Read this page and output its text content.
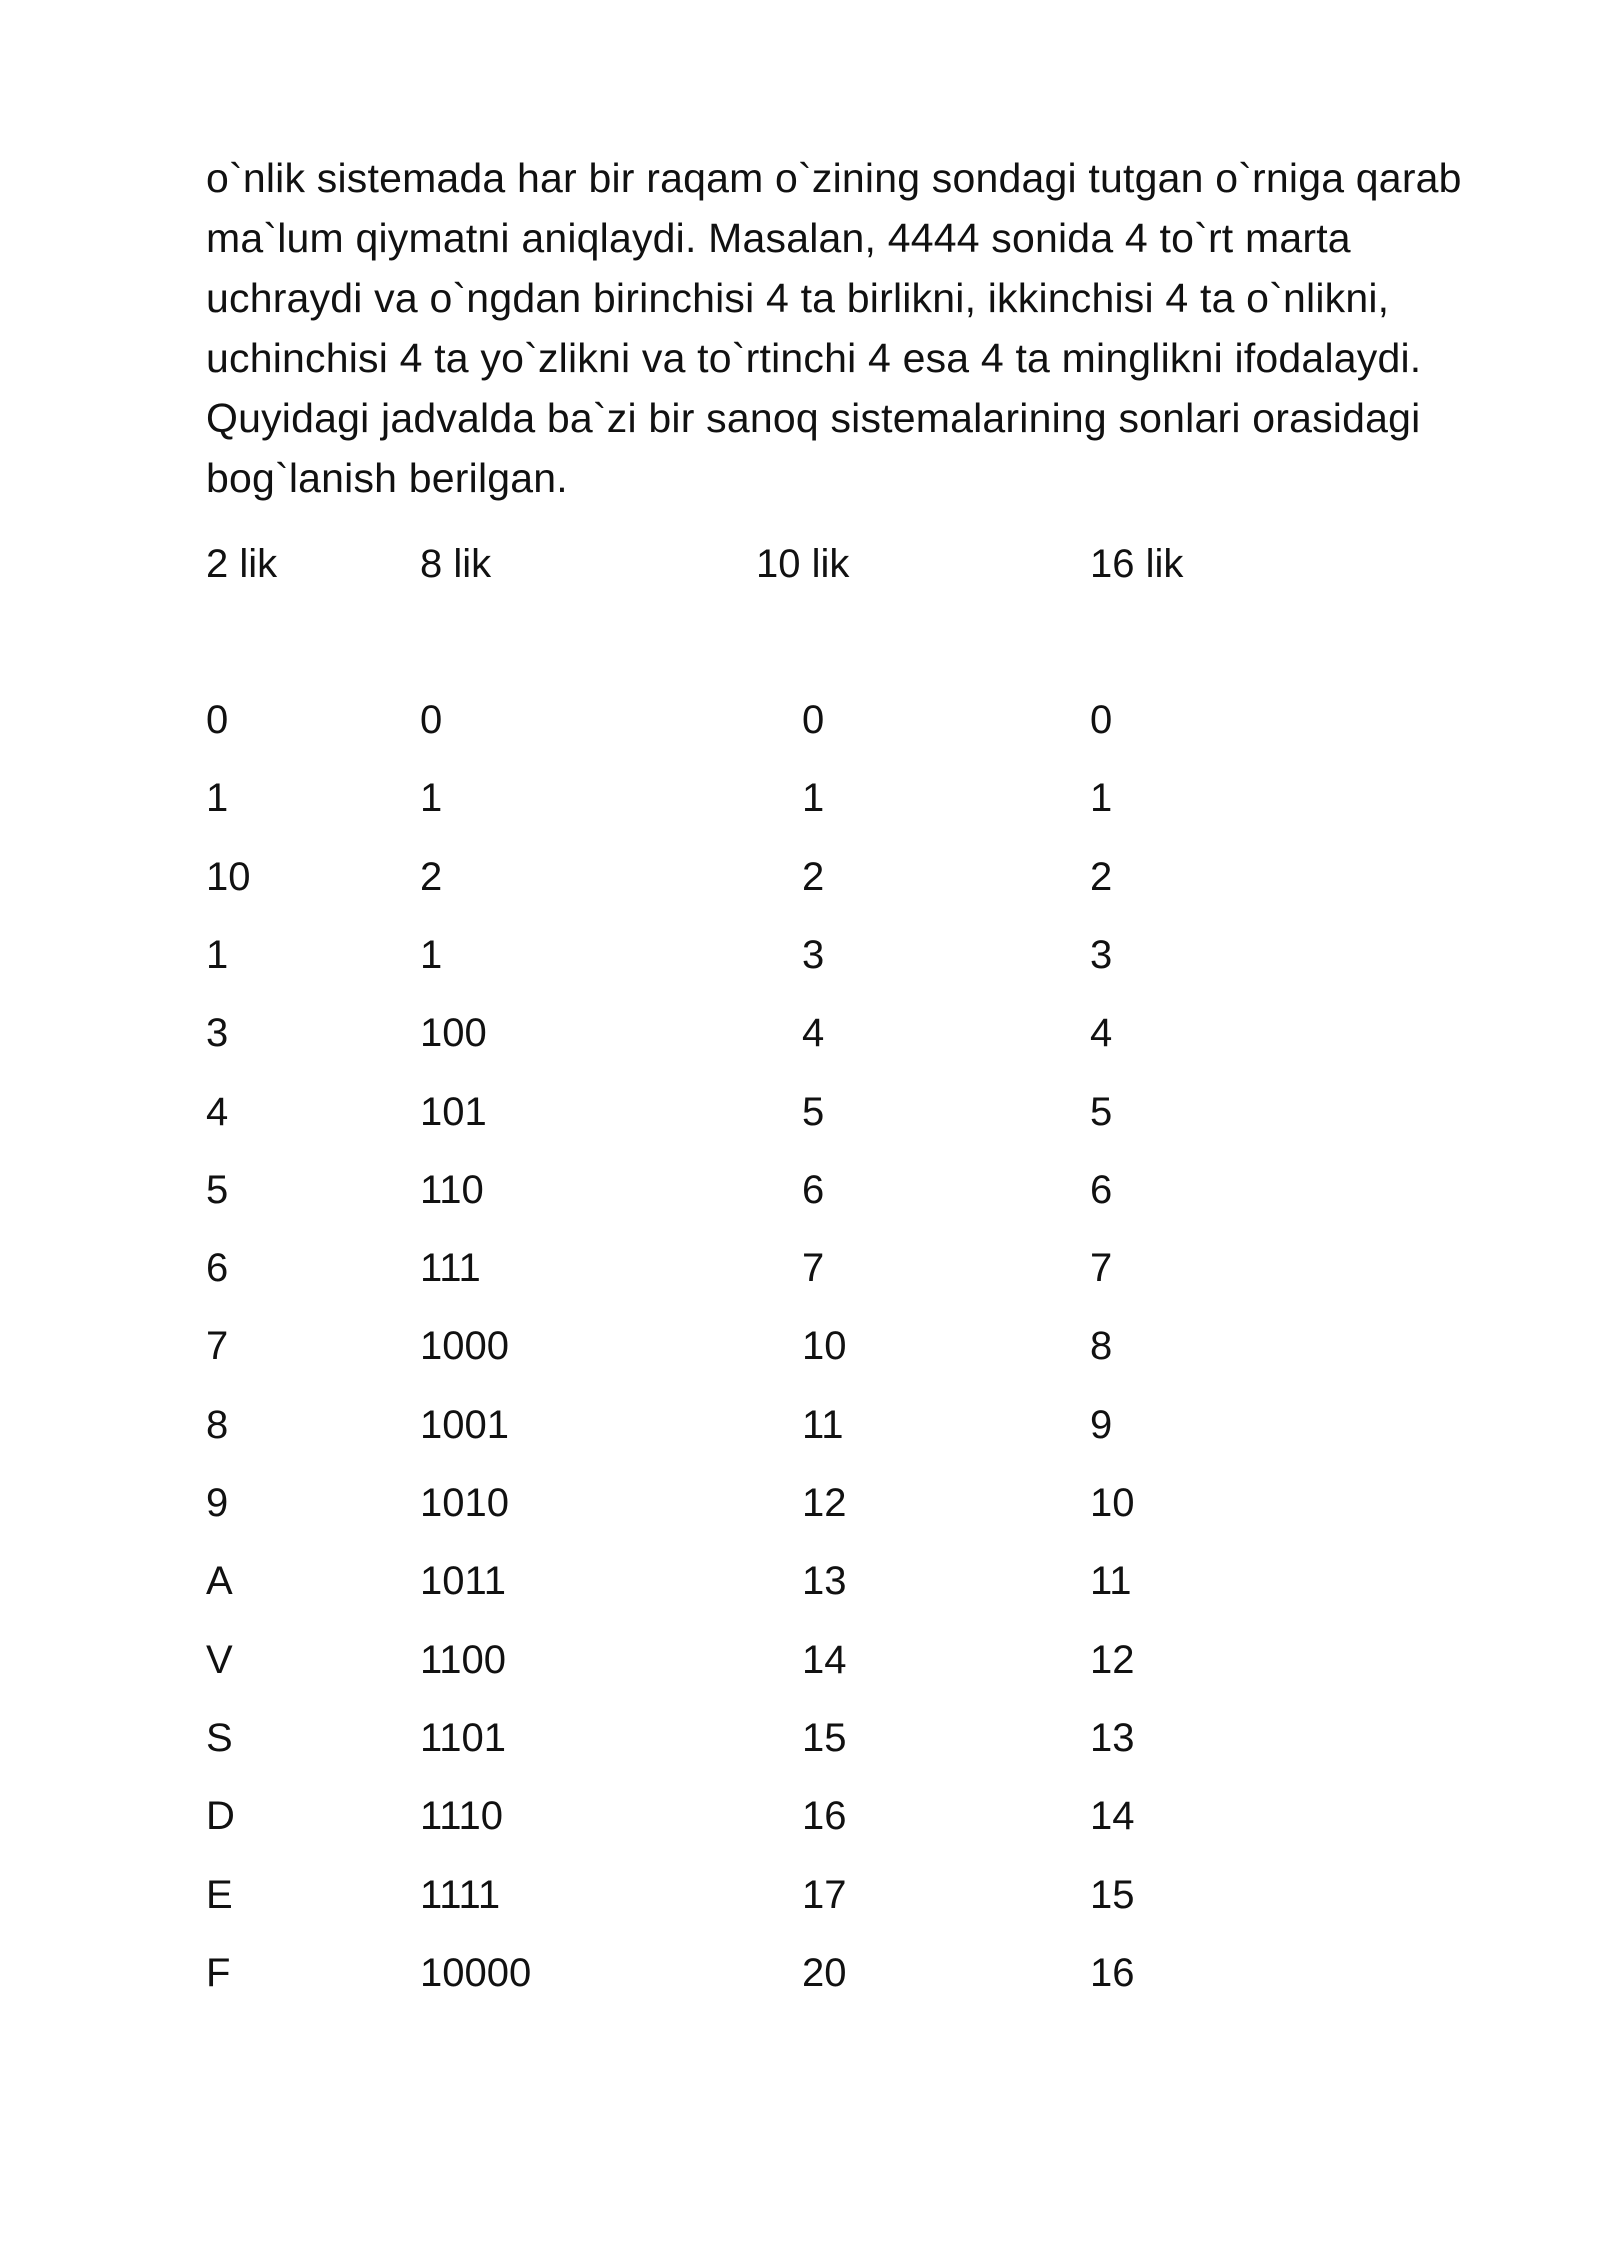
o`nlik sistemada har bir raqam o`zining sondagi tutgan o`rniga qarab
ma`lum qiymatni aniqlaydi. Masalan, 4444 sonida 4 to`rt marta
uchraydi va o`ngdan birinchisi 4 ta birlikni, ikkinchisi 4 ta o`nlikni,
uchinchisi 4 ta yo`zlikni va to`rtinchi 4 esa 4 ta minglikni ifodalaydi.
Quyidagi jadvalda ba`zi bir sanoq sistemalarining sonlari orasidagi
bog`lanish berilgan.
2 lik	8 lik	10 lik	16 lik
0	0	0	0
1	1	1	1
10	2	2	2
1	1	3	3
3	100	4	4
4	101	5	5
5	110	6	6
6	111	7	7
7	1000	10	8
8	1001	11	9
9	1010	12	10
A	1011	13	11
V	1100	14	12
S	1101	15	13
D	1110	16	14
E	1111	17	15
F	10000	20	16
